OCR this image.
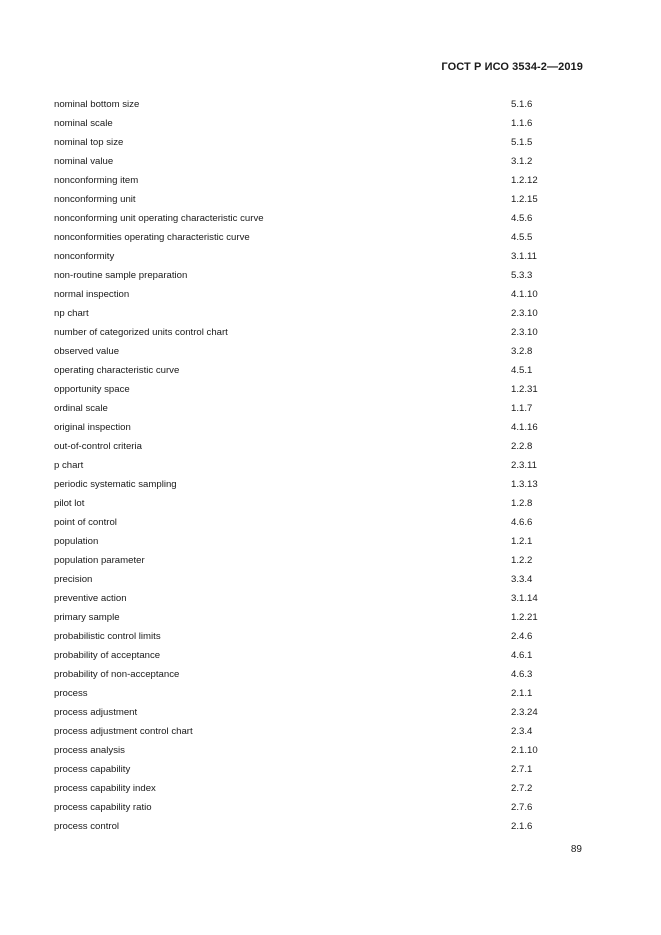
ГОСТ Р ИСО 3534-2—2019
nominal bottom size	5.1.6
nominal scale	1.1.6
nominal top size	5.1.5
nominal value	3.1.2
nonconforming item	1.2.12
nonconforming unit	1.2.15
nonconforming unit operating characteristic curve	4.5.6
nonconformities operating characteristic curve	4.5.5
nonconformity	3.1.11
non-routine sample preparation	5.3.3
normal inspection	4.1.10
np chart	2.3.10
number of categorized units control chart	2.3.10
observed value	3.2.8
operating characteristic curve	4.5.1
opportunity space	1.2.31
ordinal scale	1.1.7
original inspection	4.1.16
out-of-control criteria	2.2.8
p chart	2.3.11
periodic systematic sampling	1.3.13
pilot lot	1.2.8
point of control	4.6.6
population	1.2.1
population parameter	1.2.2
precision	3.3.4
preventive action	3.1.14
primary sample	1.2.21
probabilistic control limits	2.4.6
probability of acceptance	4.6.1
probability of non-acceptance	4.6.3
process	2.1.1
process adjustment	2.3.24
process adjustment control chart	2.3.4
process analysis	2.1.10
process capability	2.7.1
process capability index	2.7.2
process capability ratio	2.7.6
process control	2.1.6
89
